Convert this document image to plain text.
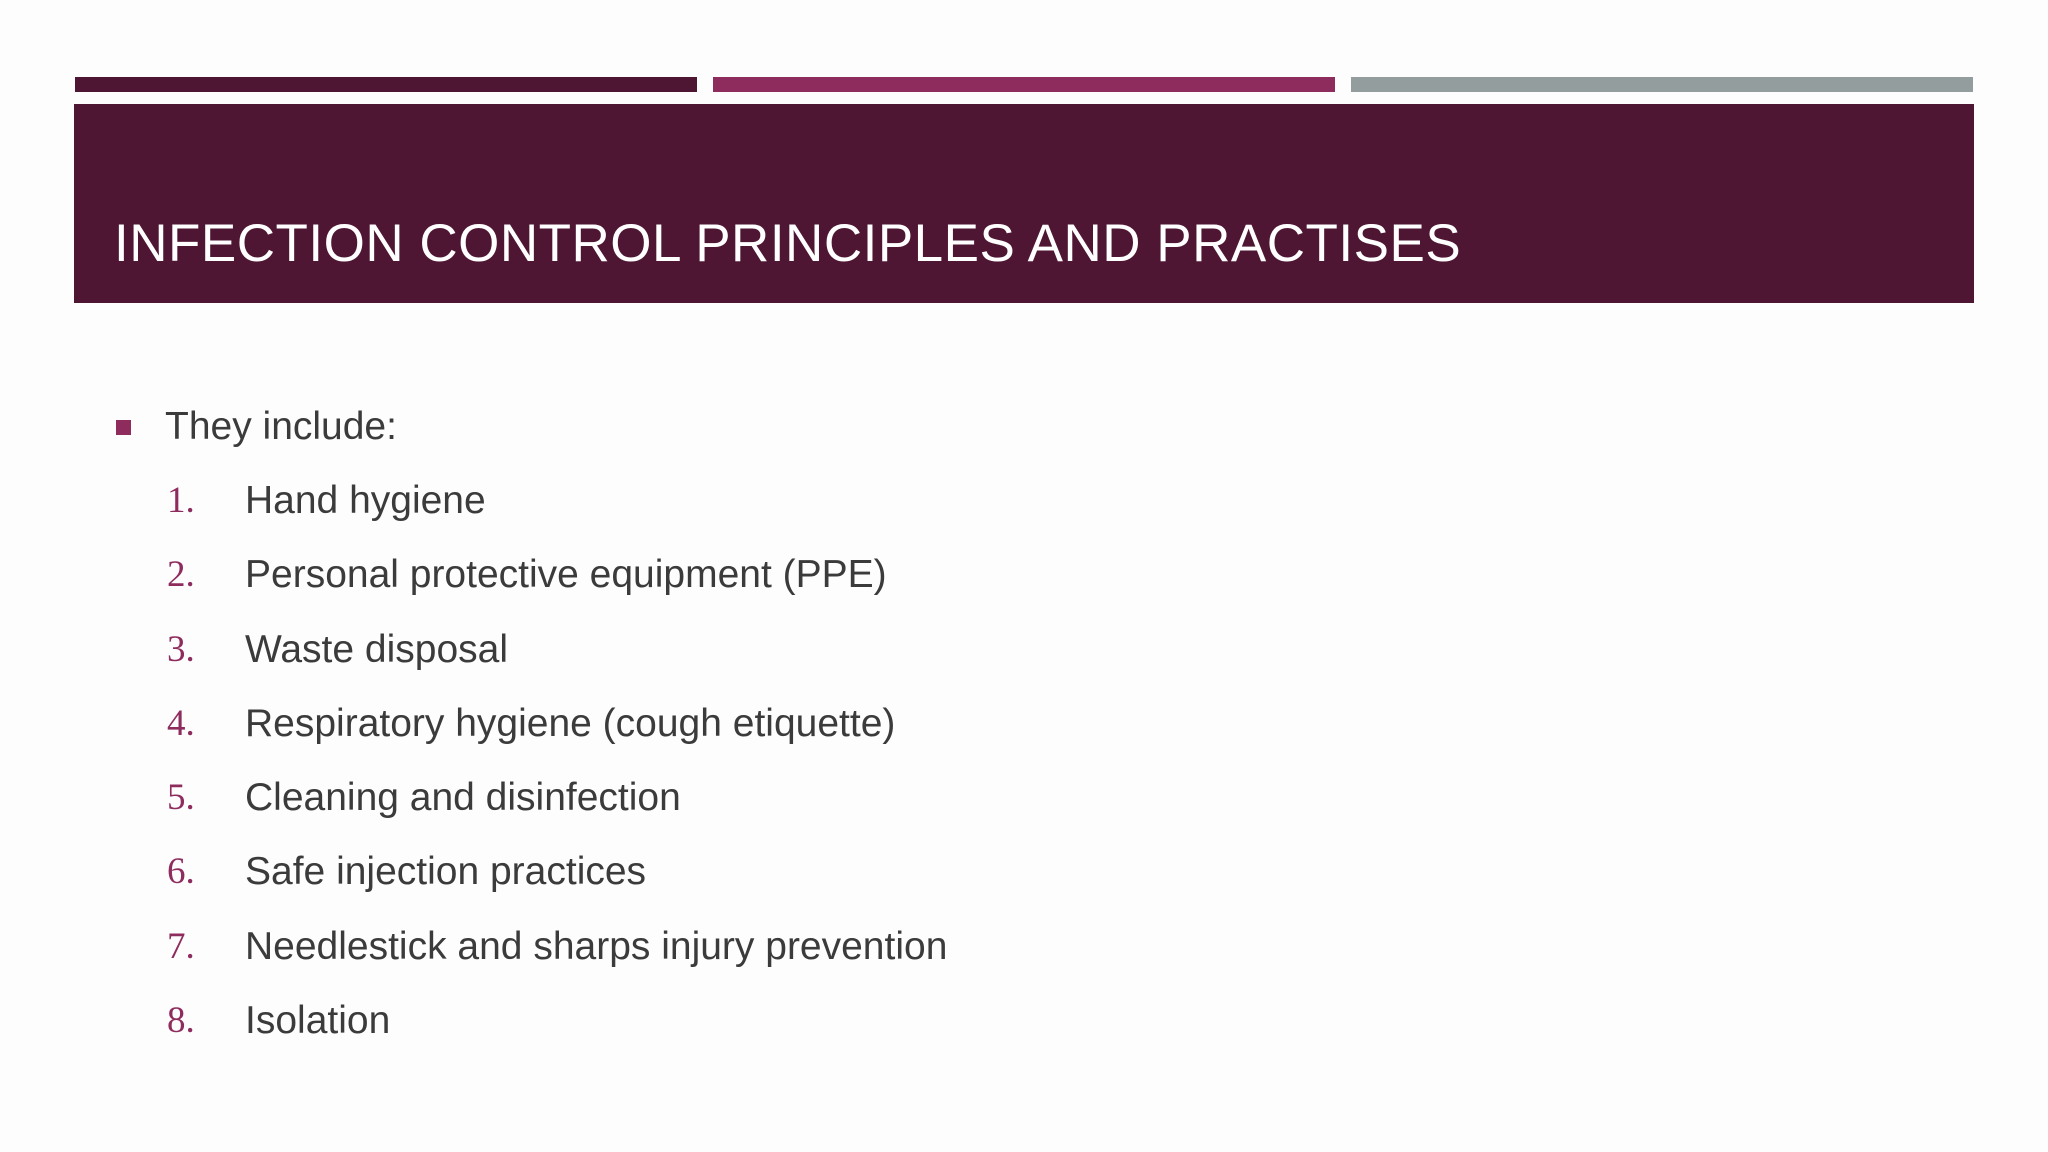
INFECTION CONTROL PRINCIPLES AND PRACTISES
They include:
1. Hand hygiene
2. Personal protective equipment (PPE)
3. Waste disposal
4. Respiratory hygiene (cough etiquette)
5. Cleaning and disinfection
6. Safe injection practices
7. Needlestick and sharps injury prevention
8. Isolation
